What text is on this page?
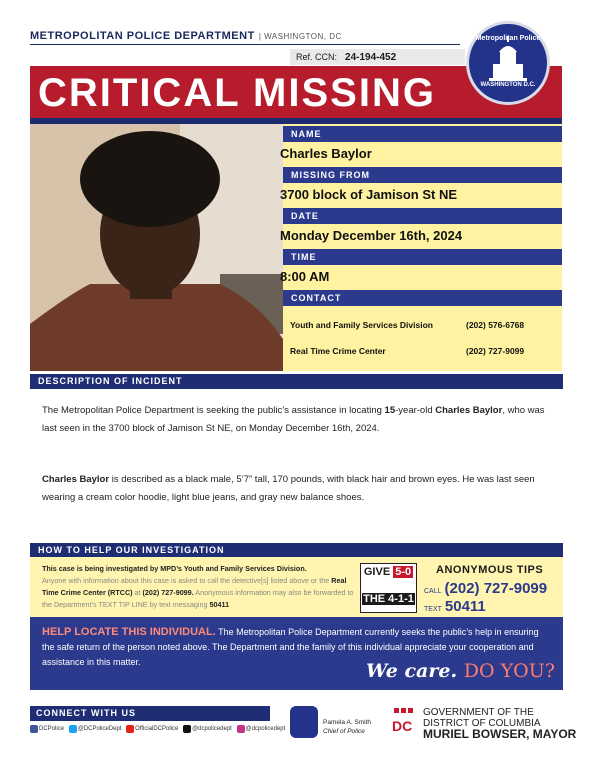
METROPOLITAN POLICE DEPARTMENT | WASHINGTON, DC
Ref. CCN: 24-194-452
CRITICAL MISSING
Metropolitan Police
WASHINGTON D.C.
NAME
Charles Baylor
MISSING FROM
3700 block of Jamison St NE
DATE
Monday December 16th, 2024
TIME
8:00 AM
CONTACT
Youth and Family Services Division	(202) 576-6768
Real Time Crime Center	(202) 727-9099
DESCRIPTION OF INCIDENT
The Metropolitan Police Department is seeking the public’s assistance in locating 15-year-old Charles Baylor, who was last seen in the 3700 block of Jamison St NE, on Monday December 16th, 2024.
Charles Baylor is described as a black male, 5’7” tall, 170 pounds, with black hair and brown eyes. He was last seen wearing a cream color hoodie, light blue jeans, and gray new balance shoes.
HOW TO HELP OUR INVESTIGATION
This case is being investigated by MPD’s Youth and Family Services Division.
Anyone with information about this case is asked to call the detective[s] listed above or the Real Time Crime Center (RTCC) at (202) 727-9099. Anonymous information may also be forwarded to the Department’s TEXT TIP LINE by text messaging 50411
GIVE 5-0
THE 4-1-1
ANONYMOUS TIPS
CALL (202) 727-9099
TEXT 50411
HELP LOCATE THIS INDIVIDUAL. The Metropolitan Police Department currently seeks the public’s help in ensuring the safe return of the person noted above. The Department and the family of this individual appreciate your cooperation and assistance in this matter.	We care. DO YOU?
CONNECT WITH US
DCPolice @DCPoliceDept OfficialDCPolice @dcpolicedept @dcpolicedept
Pamela A. Smith
Chief of Police	DC
GOVERNMENT OF THE
DISTRICT OF COLUMBIA
MURIEL BOWSER, MAYOR
